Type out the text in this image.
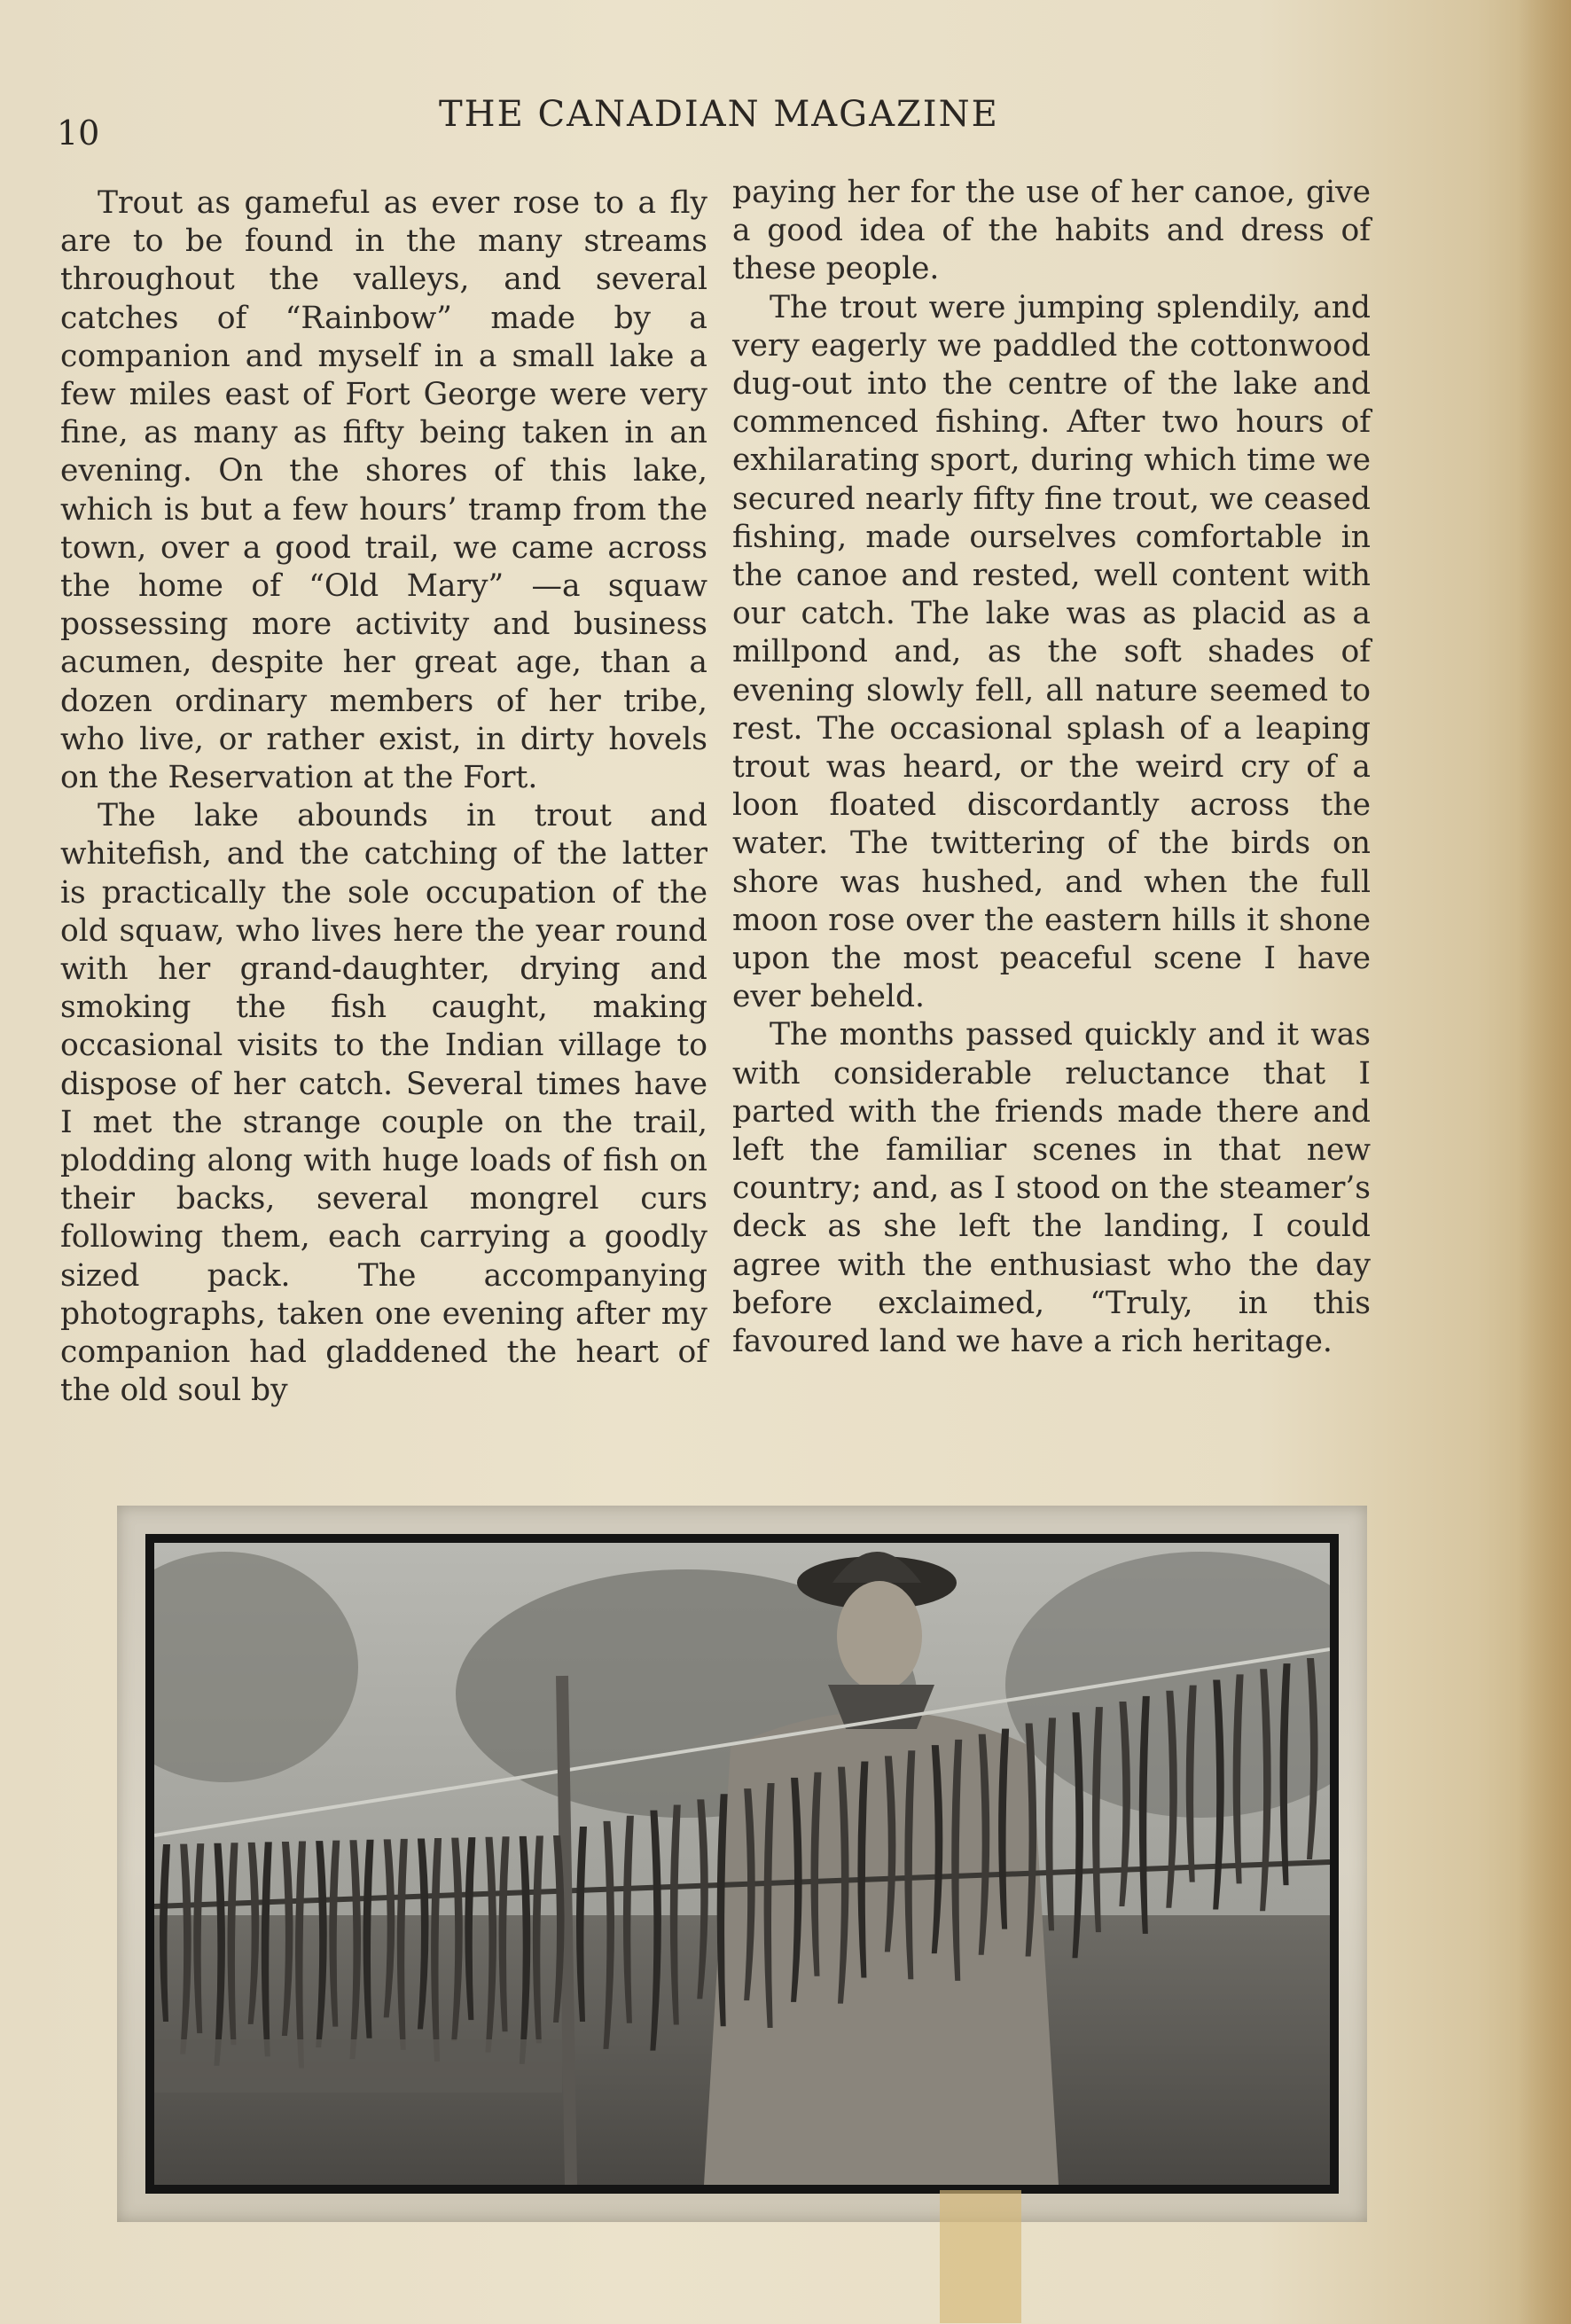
10	THE CANADIAN MAGAZINE

Trout as gameful as ever rose to a fly are to be found in the many streams throughout the valleys, and several catches of “Rainbow” made by a companion and myself in a small lake a few miles east of Fort George were very fine, as many as fifty being taken in an evening. On the shores of this lake, which is but a few hours’ tramp from the town, over a good trail, we came across the home of “Old Mary” —a squaw possessing more activity and business acumen, despite her great age, than a dozen ordinary members of her tribe, who live, or rather exist, in dirty hovels on the Reservation at the Fort.

The lake abounds in trout and whitefish, and the catching of the latter is practically the sole occupation of the old squaw, who lives here the year round with her grand-daughter, drying and smoking the fish caught, making occasional visits to the Indian village to dispose of her catch. Several times have I met the strange couple on the trail, plodding along with huge loads of fish on their backs, several mongrel curs following them, each carrying a goodly sized pack. The accompanying photographs, taken one evening after my companion had gladdened the heart of the old soul by

paying her for the use of her canoe, give a good idea of the habits and dress of these people.

The trout were jumping splendily, and very eagerly we paddled the cottonwood dug-out into the centre of the lake and commenced fishing. After two hours of exhilarating sport, during which time we secured nearly fifty fine trout, we ceased fishing, made ourselves comfortable in the canoe and rested, well content with our catch. The lake was as placid as a millpond and, as the soft shades of evening slowly fell, all nature seemed to rest. The occasional splash of a leaping trout was heard, or the weird cry of a loon floated discordantly across the water. The twittering of the birds on shore was hushed, and when the full moon rose over the eastern hills it shone upon the most peaceful scene I have ever beheld.

The months passed quickly and it was with considerable reluctance that I parted with the friends made there and left the familiar scenes in that new country; and, as I stood on the steamer’s deck as she left the landing, I could agree with the enthusiast who the day before exclaimed, “Truly, in this favoured land we have a rich heritage.
